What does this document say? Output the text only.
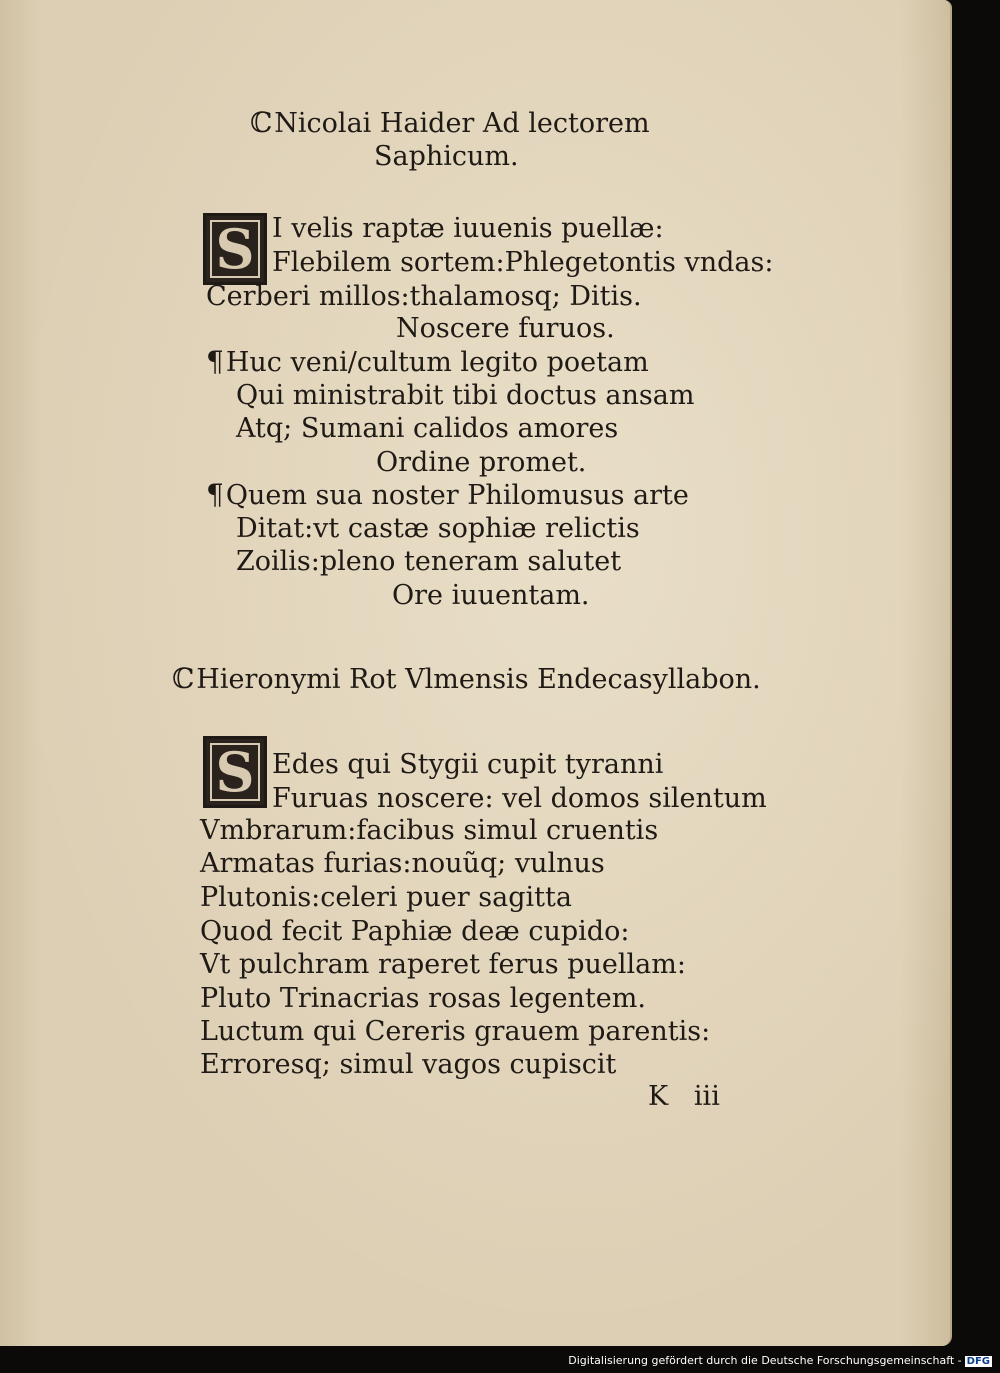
ℂNicolai Haider Ad lectorem
Saphicum.
S I velis raptæ iuuenis puellæ:
Flebilem sortem:Phlegetontis vndas:
Cerberi millos:thalamosq; Ditis.
Noscere furuos.
¶Huc veni/cultum legito poetam
Qui ministrabit tibi doctus ansam
Atq; Sumani calidos amores
Ordine promet.
¶Quem sua noster Philomusus arte
Ditat:vt castæ sophiæ relictis
Zoilis:pleno teneram salutet
Ore iuuentam.
ℂHieronymi Rot Vlmensis Endecasyllabon.
S Edes qui Stygii cupit tyranni
Furuas noscere: vel domos silentum
Vmbrarum:facibus simul cruentis
Armatas furias:nouũq; vulnus
Plutonis:celeri puer sagitta
Quod fecit Paphiæ deæ cupido:
Vt pulchram raperet ferus puellam:
Pluto Trinacrias rosas legentem.
Luctum qui Cereris grauem parentis:
Erroresq; simul vagos cupiscit
K   iii
Digitalisierung gefördert durch die Deutsche Forschungsgemeinschaft - DFG
